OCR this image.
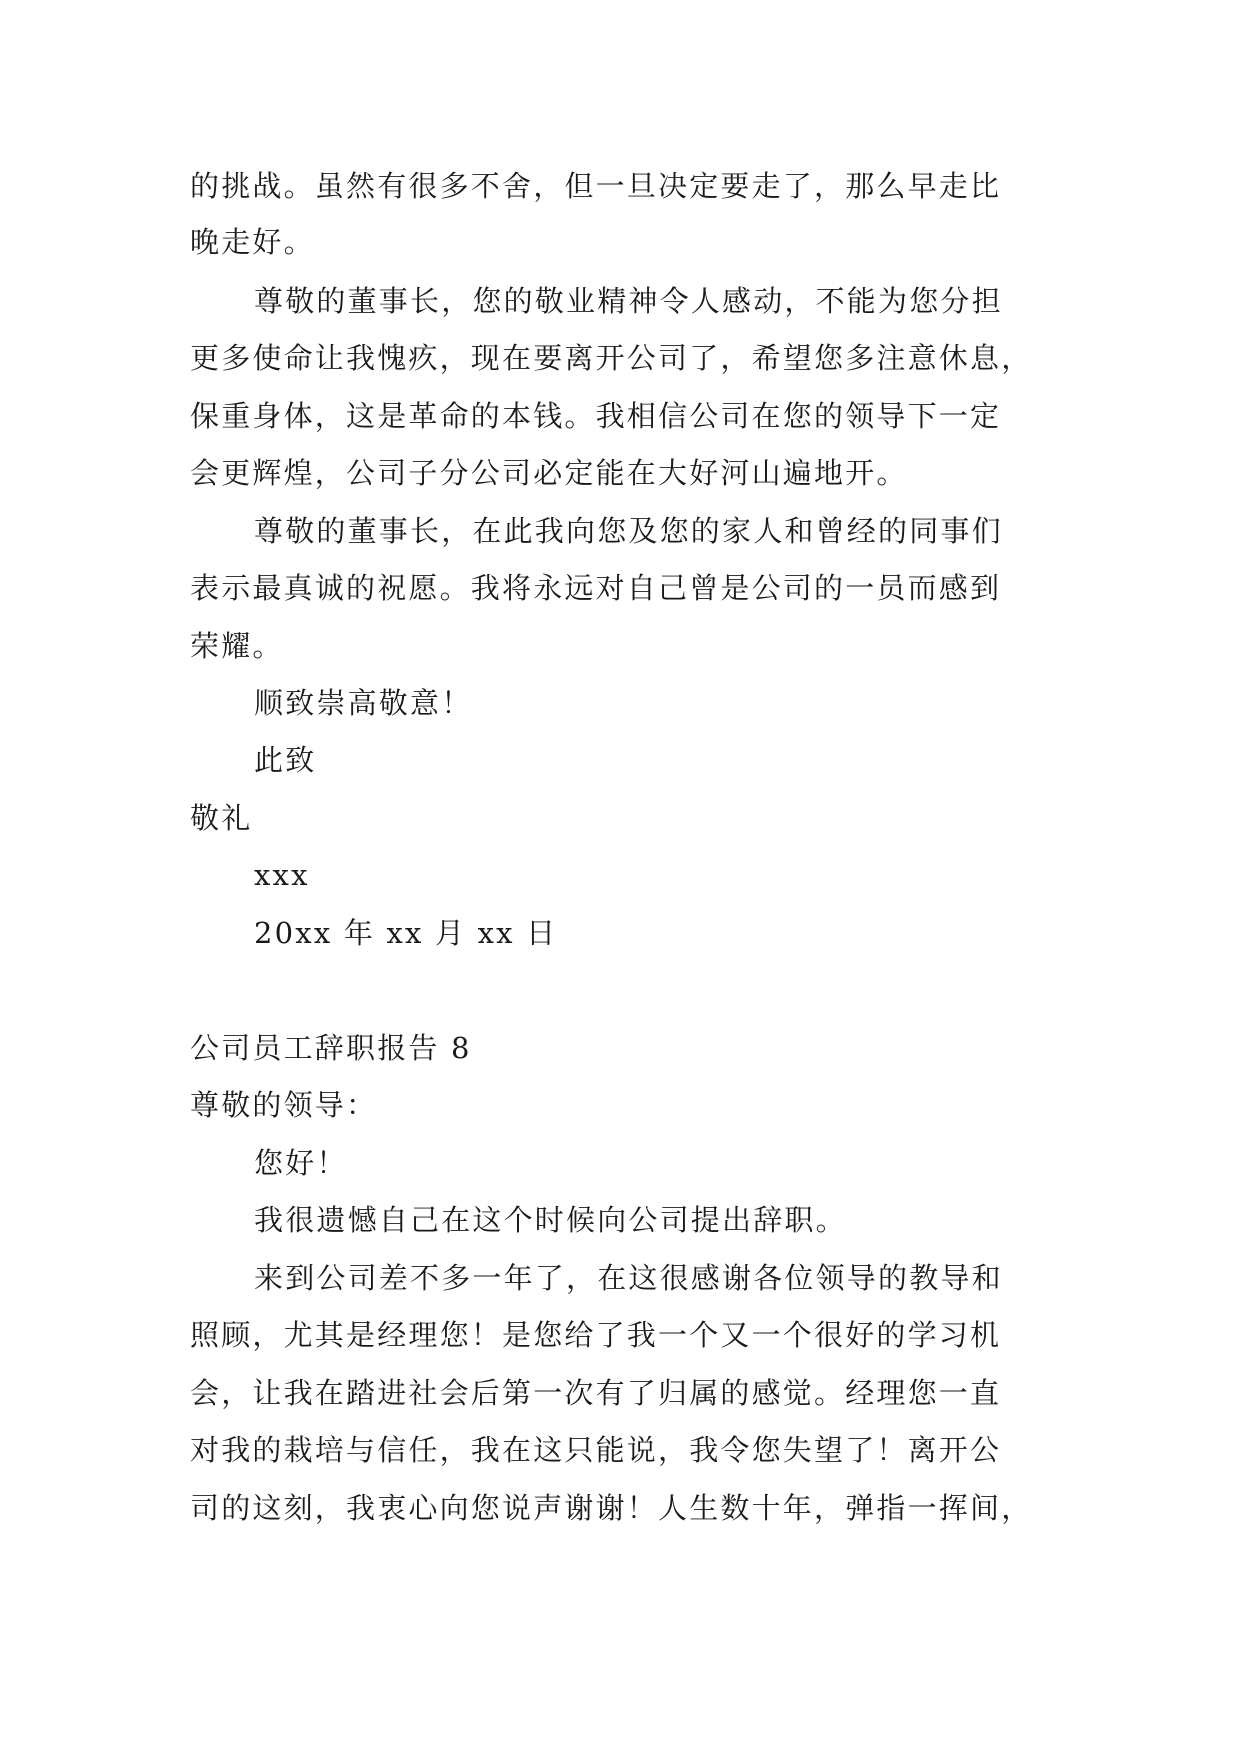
的挑战。虽然有很多不舍，但一旦决定要走了，那么早走比

晚走好。

尊敬的董事长，您的敬业精神令人感动，不能为您分担

更多使命让我愧疚，现在要离开公司了，希望您多注意休息，

保重身体，这是革命的本钱。我相信公司在您的领导下一定

会更辉煌，公司子分公司必定能在大好河山遍地开。

尊敬的董事长，在此我向您及您的家人和曾经的同事们

表示最真诚的祝愿。我将永远对自己曾是公司的一员而感到

荣耀。

顺致崇高敬意！

此致

敬礼

xxx

20xx 年 xx 月 xx 日

公司员工辞职报告 8

尊敬的领导：

您好！

我很遗憾自己在这个时候向公司提出辞职。

来到公司差不多一年了，在这很感谢各位领导的教导和

照顾，尤其是经理您！是您给了我一个又一个很好的学习机

会，让我在踏进社会后第一次有了归属的感觉。经理您一直

对我的栽培与信任，我在这只能说，我令您失望了！离开公

司的这刻，我衷心向您说声谢谢！人生数十年，弹指一挥间，
